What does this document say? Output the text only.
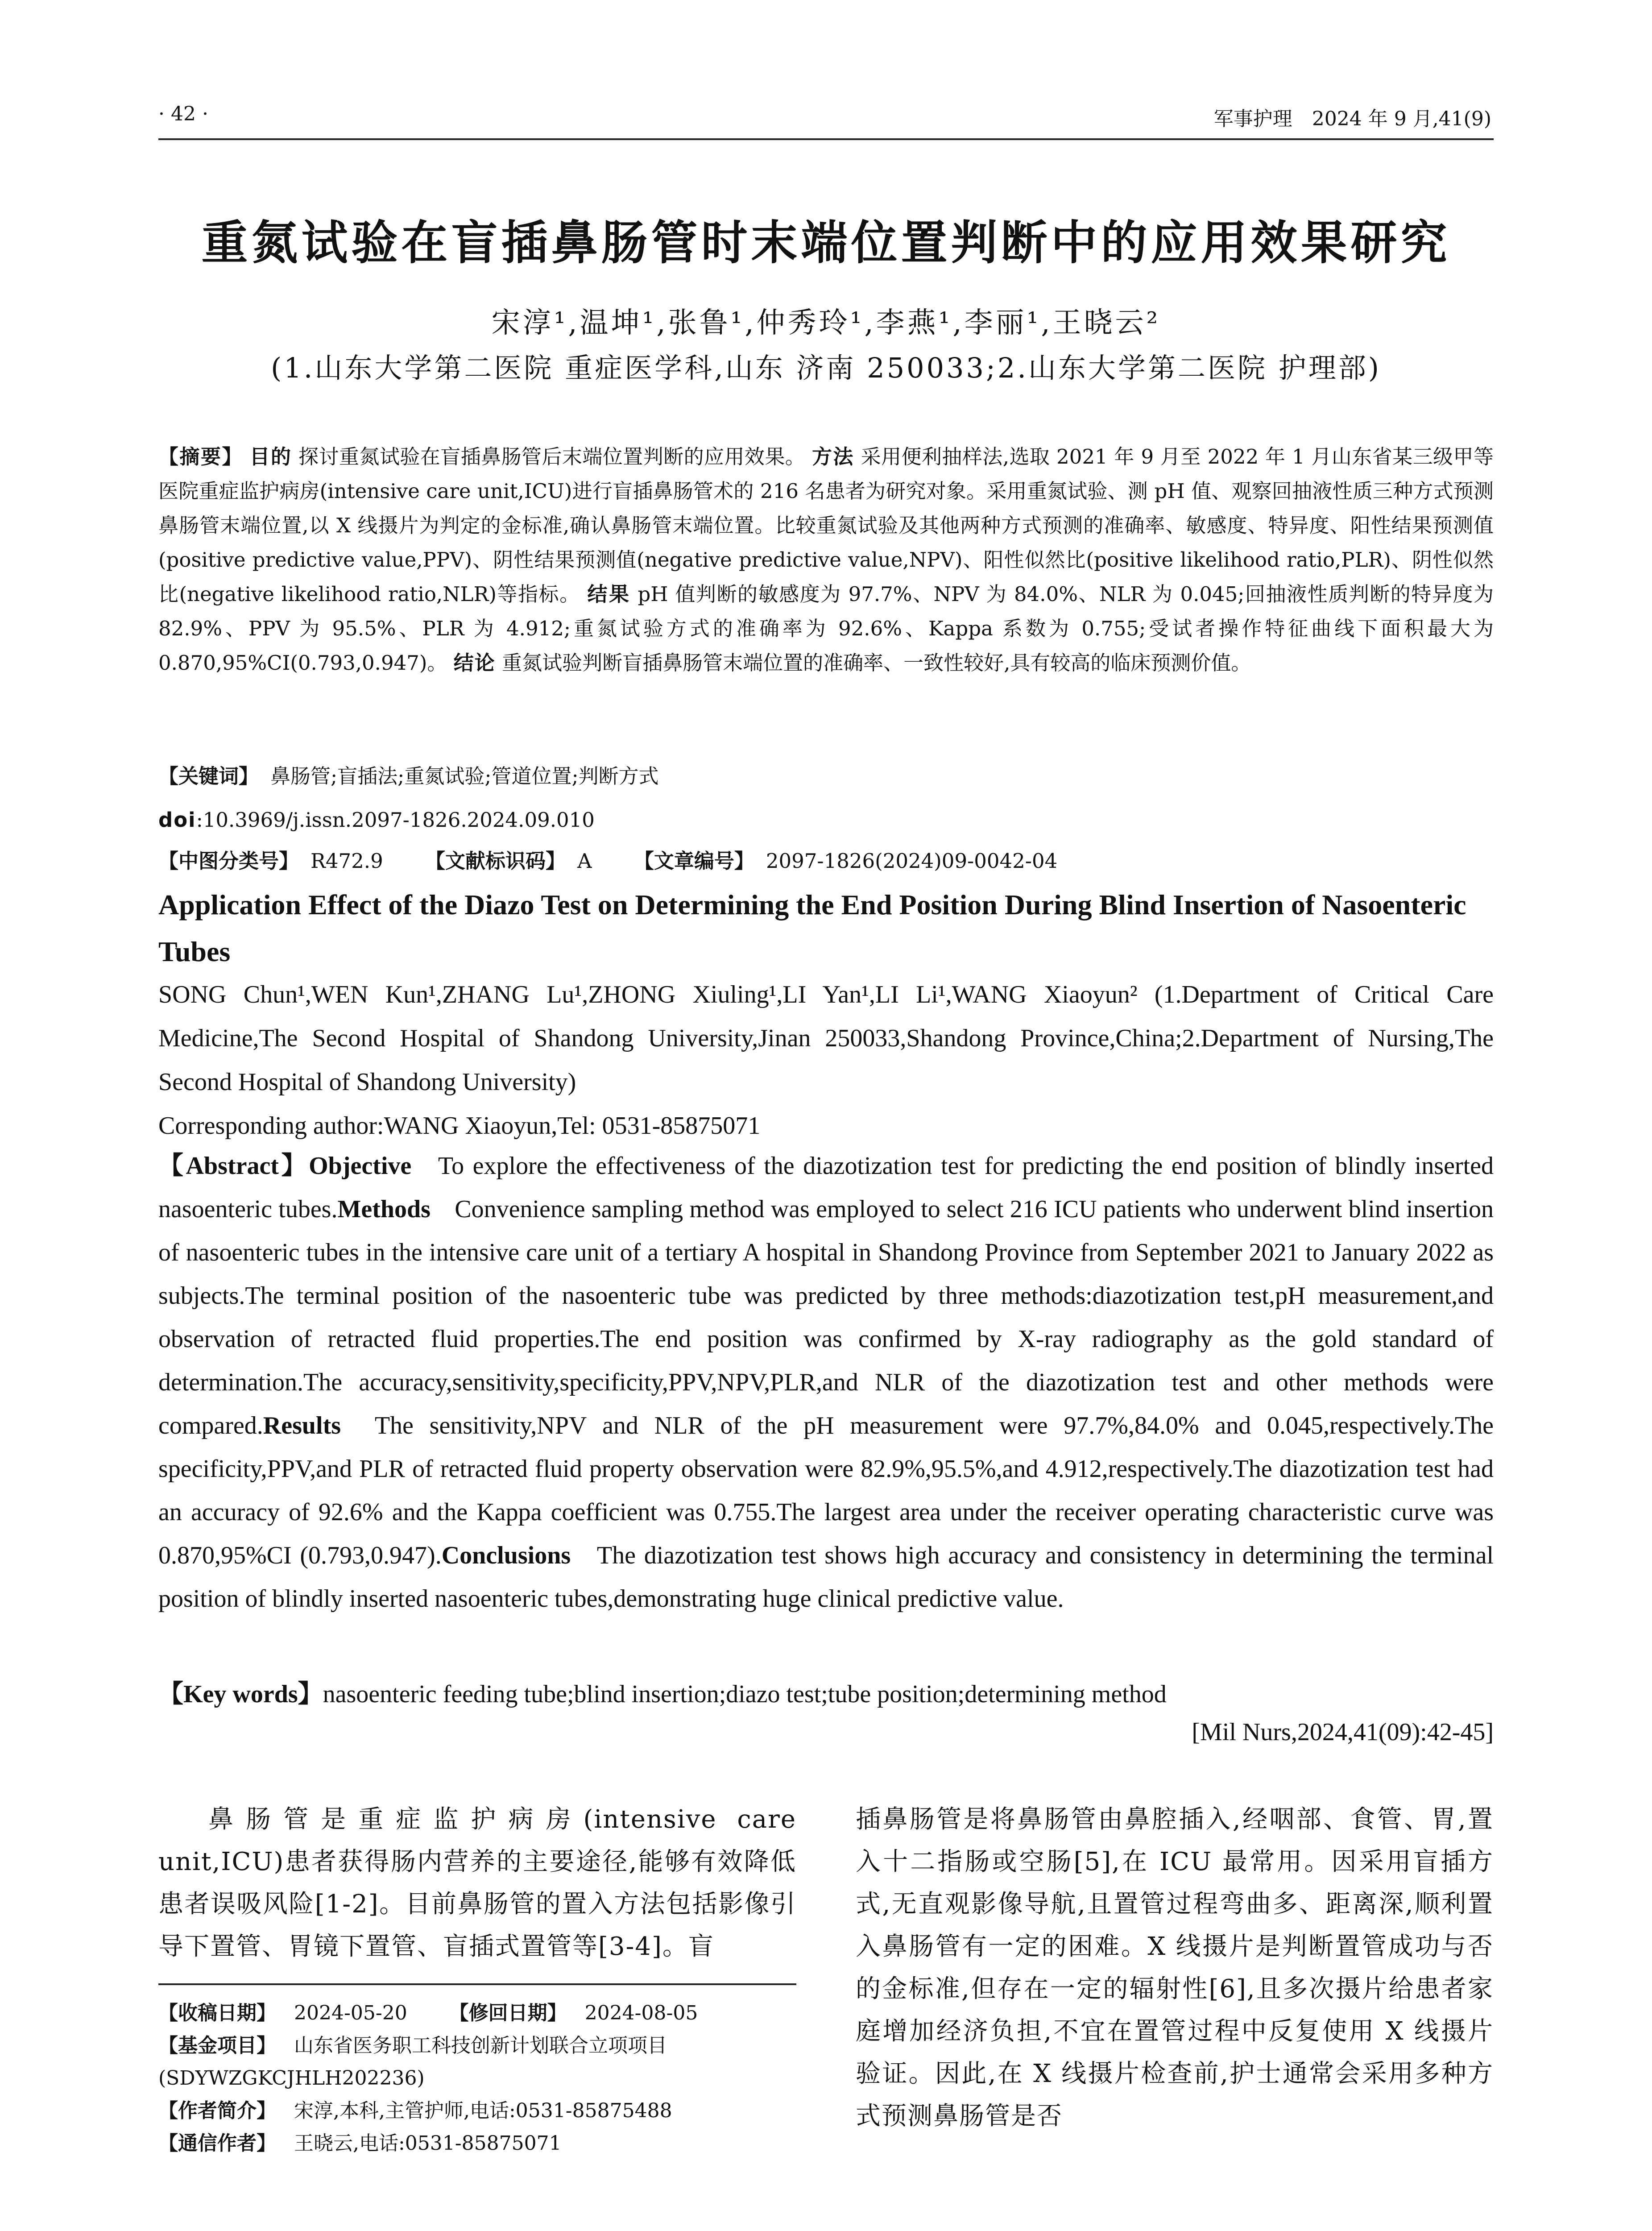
· 42 ·	军事护理　2024 年 9 月,41(9)
重氮试验在盲插鼻肠管时末端位置判断中的应用效果研究
宋淳¹,温坤¹,张鲁¹,仲秀玲¹,李燕¹,李丽¹,王晓云²
(1.山东大学第二医院 重症医学科,山东 济南 250033;2.山东大学第二医院 护理部)
【摘要】 目的 探讨重氮试验在盲插鼻肠管后末端位置判断的应用效果。 方法 采用便利抽样法,选取 2021 年 9 月至 2022 年 1 月山东省某三级甲等医院重症监护病房(intensive care unit,ICU)进行盲插鼻肠管术的 216 名患者为研究对象。采用重氮试验、测 pH 值、观察回抽液性质三种方式预测鼻肠管末端位置,以 X 线摄片为判定的金标准,确认鼻肠管末端位置。比较重氮试验及其他两种方式预测的准确率、敏感度、特异度、阳性结果预测值(positive predictive value,PPV)、阴性结果预测值(negative predictive value,NPV)、阳性似然比(positive likelihood ratio,PLR)、阴性似然比(negative likelihood ratio,NLR)等指标。 结果 pH 值判断的敏感度为 97.7%、NPV 为 84.0%、NLR 为 0.045;回抽液性质判断的特异度为 82.9%、PPV 为 95.5%、PLR 为 4.912;重氮试验方式的准确率为 92.6%、Kappa 系数为 0.755;受试者操作特征曲线下面积最大为 0.870,95%CI(0.793,0.947)。 结论 重氮试验判断盲插鼻肠管末端位置的准确率、一致性较好,具有较高的临床预测价值。
【关键词】 鼻肠管;盲插法;重氮试验;管道位置;判断方式
doi:10.3969/j.issn.2097-1826.2024.09.010
【中图分类号】 R472.9 【文献标识码】 A 【文章编号】 2097-1826(2024)09-0042-04
Application Effect of the Diazo Test on Determining the End Position During Blind Insertion of Nasoenteric Tubes
SONG Chun¹,WEN Kun¹,ZHANG Lu¹,ZHONG Xiuling¹,LI Yan¹,LI Li¹,WANG Xiaoyun² (1.Department of Critical Care Medicine,The Second Hospital of Shandong University,Jinan 250033,Shandong Province,China;2.Department of Nursing,The Second Hospital of Shandong University)
Corresponding author:WANG Xiaoyun,Tel: 0531-85875071
【Abstract】Objective To explore the effectiveness of the diazotization test for predicting the end position of blindly inserted nasoenteric tubes.Methods Convenience sampling method was employed to select 216 ICU patients who underwent blind insertion of nasoenteric tubes in the intensive care unit of a tertiary A hospital in Shandong Province from September 2021 to January 2022 as subjects.The terminal position of the nasoenteric tube was predicted by three methods:diazotization test,pH measurement,and observation of retracted fluid properties.The end position was confirmed by X-ray radiography as the gold standard of determination.The accuracy,sensitivity,specificity,PPV,NPV,PLR,and NLR of the diazotization test and other methods were compared.Results The sensitivity,NPV and NLR of the pH measurement were 97.7%,84.0% and 0.045,respectively.The specificity,PPV,and PLR of retracted fluid property observation were 82.9%,95.5%,and 4.912,respectively.The diazotization test had an accuracy of 92.6% and the Kappa coefficient was 0.755.The largest area under the receiver operating characteristic curve was 0.870,95%CI (0.793,0.947).Conclusions The diazotization test shows high accuracy and consistency in determining the terminal position of blindly inserted nasoenteric tubes,demonstrating huge clinical predictive value.
【Key words】nasoenteric feeding tube;blind insertion;diazo test;tube position;determining method
[Mil Nurs,2024,41(09):42-45]
鼻肠管是重症监护病房(intensive care unit,ICU)患者获得肠内营养的主要途径,能够有效降低患者误吸风险[1-2]。目前鼻肠管的置入方法包括影像引导下置管、胃镜下置管、盲插式置管等[3-4]。盲
插鼻肠管是将鼻肠管由鼻腔插入,经咽部、食管、胃,置入十二指肠或空肠[5],在 ICU 最常用。因采用盲插方式,无直观影像导航,且置管过程弯曲多、距离深,顺利置入鼻肠管有一定的困难。X 线摄片是判断置管成功与否的金标准,但存在一定的辐射性[6],且多次摄片给患者家庭增加经济负担,不宜在置管过程中反复使用 X 线摄片验证。因此,在 X 线摄片检查前,护士通常会采用多种方式预测鼻肠管是否
【收稿日期】 2024-05-20 【修回日期】 2024-08-05
【基金项目】 山东省医务职工科技创新计划联合立项项目(SDYWZGKCJHLH202236)
【作者简介】 宋淳,本科,主管护师,电话:0531-85875488
【通信作者】 王晓云,电话:0531-85875071
